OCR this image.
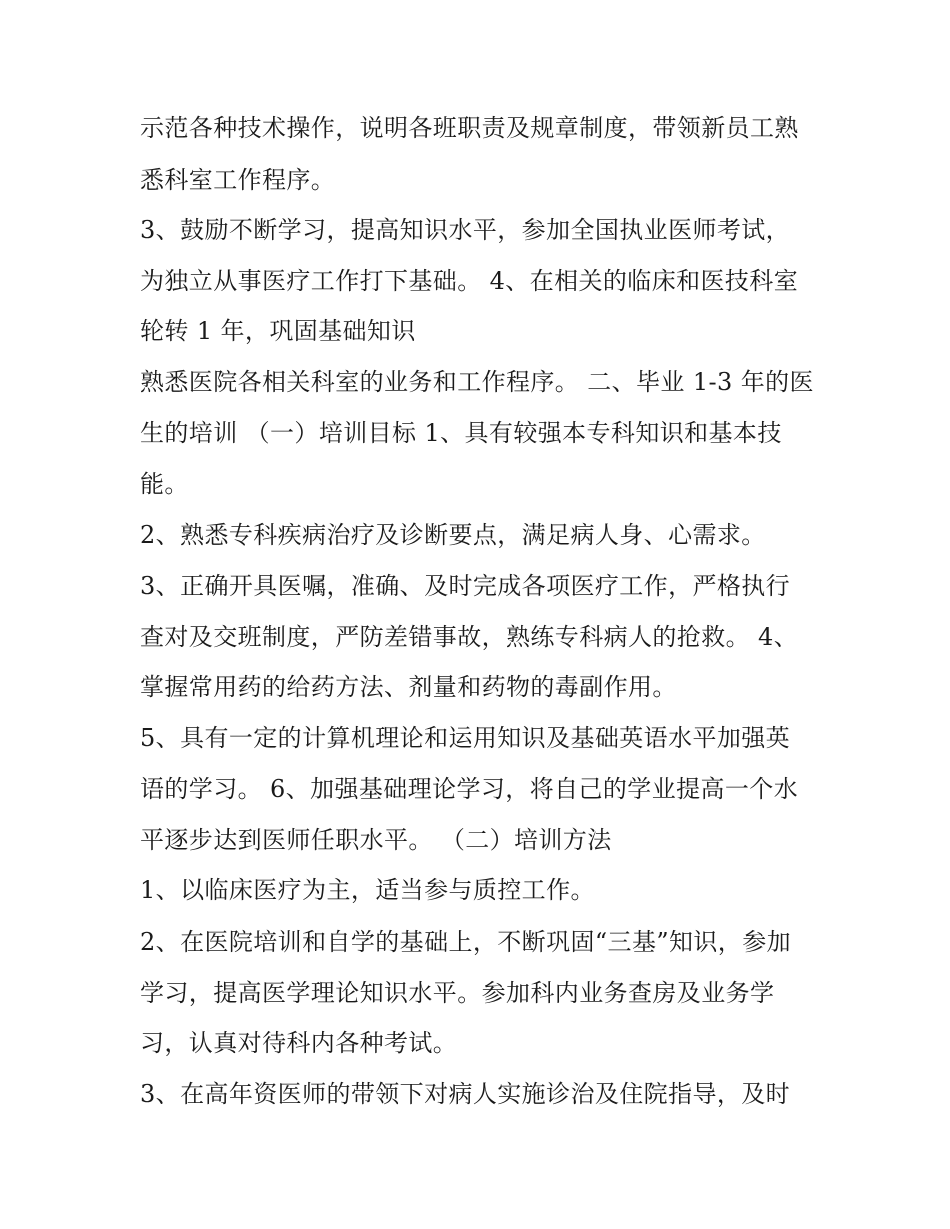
示范各种技术操作，说明各班职责及规章制度，带领新员工熟
悉科室工作程序。
3、鼓励不断学习，提高知识水平，参加全国执业医师考试，
为独立从事医疗工作打下基础。 4、在相关的临床和医技科室
轮转 1 年，巩固基础知识
熟悉医院各相关科室的业务和工作程序。 二、毕业 1-3 年的医
生的培训 （一）培训目标 1、具有较强本专科知识和基本技
能。
2、熟悉专科疾病治疗及诊断要点，满足病人身、心需求。
3、正确开具医嘱，准确、及时完成各项医疗工作，严格执行
查对及交班制度，严防差错事故，熟练专科病人的抢救。 4、
掌握常用药的给药方法、剂量和药物的毒副作用。
5、具有一定的计算机理论和运用知识及基础英语水平加强英
语的学习。 6、加强基础理论学习，将自己的学业提高一个水
平逐步达到医师任职水平。 （二）培训方法
1、以临床医疗为主，适当参与质控工作。
2、在医院培训和自学的基础上，不断巩固“三基”知识，参加
学习，提高医学理论知识水平。参加科内业务查房及业务学
习，认真对待科内各种考试。
3、在高年资医师的带领下对病人实施诊治及住院指导，及时
